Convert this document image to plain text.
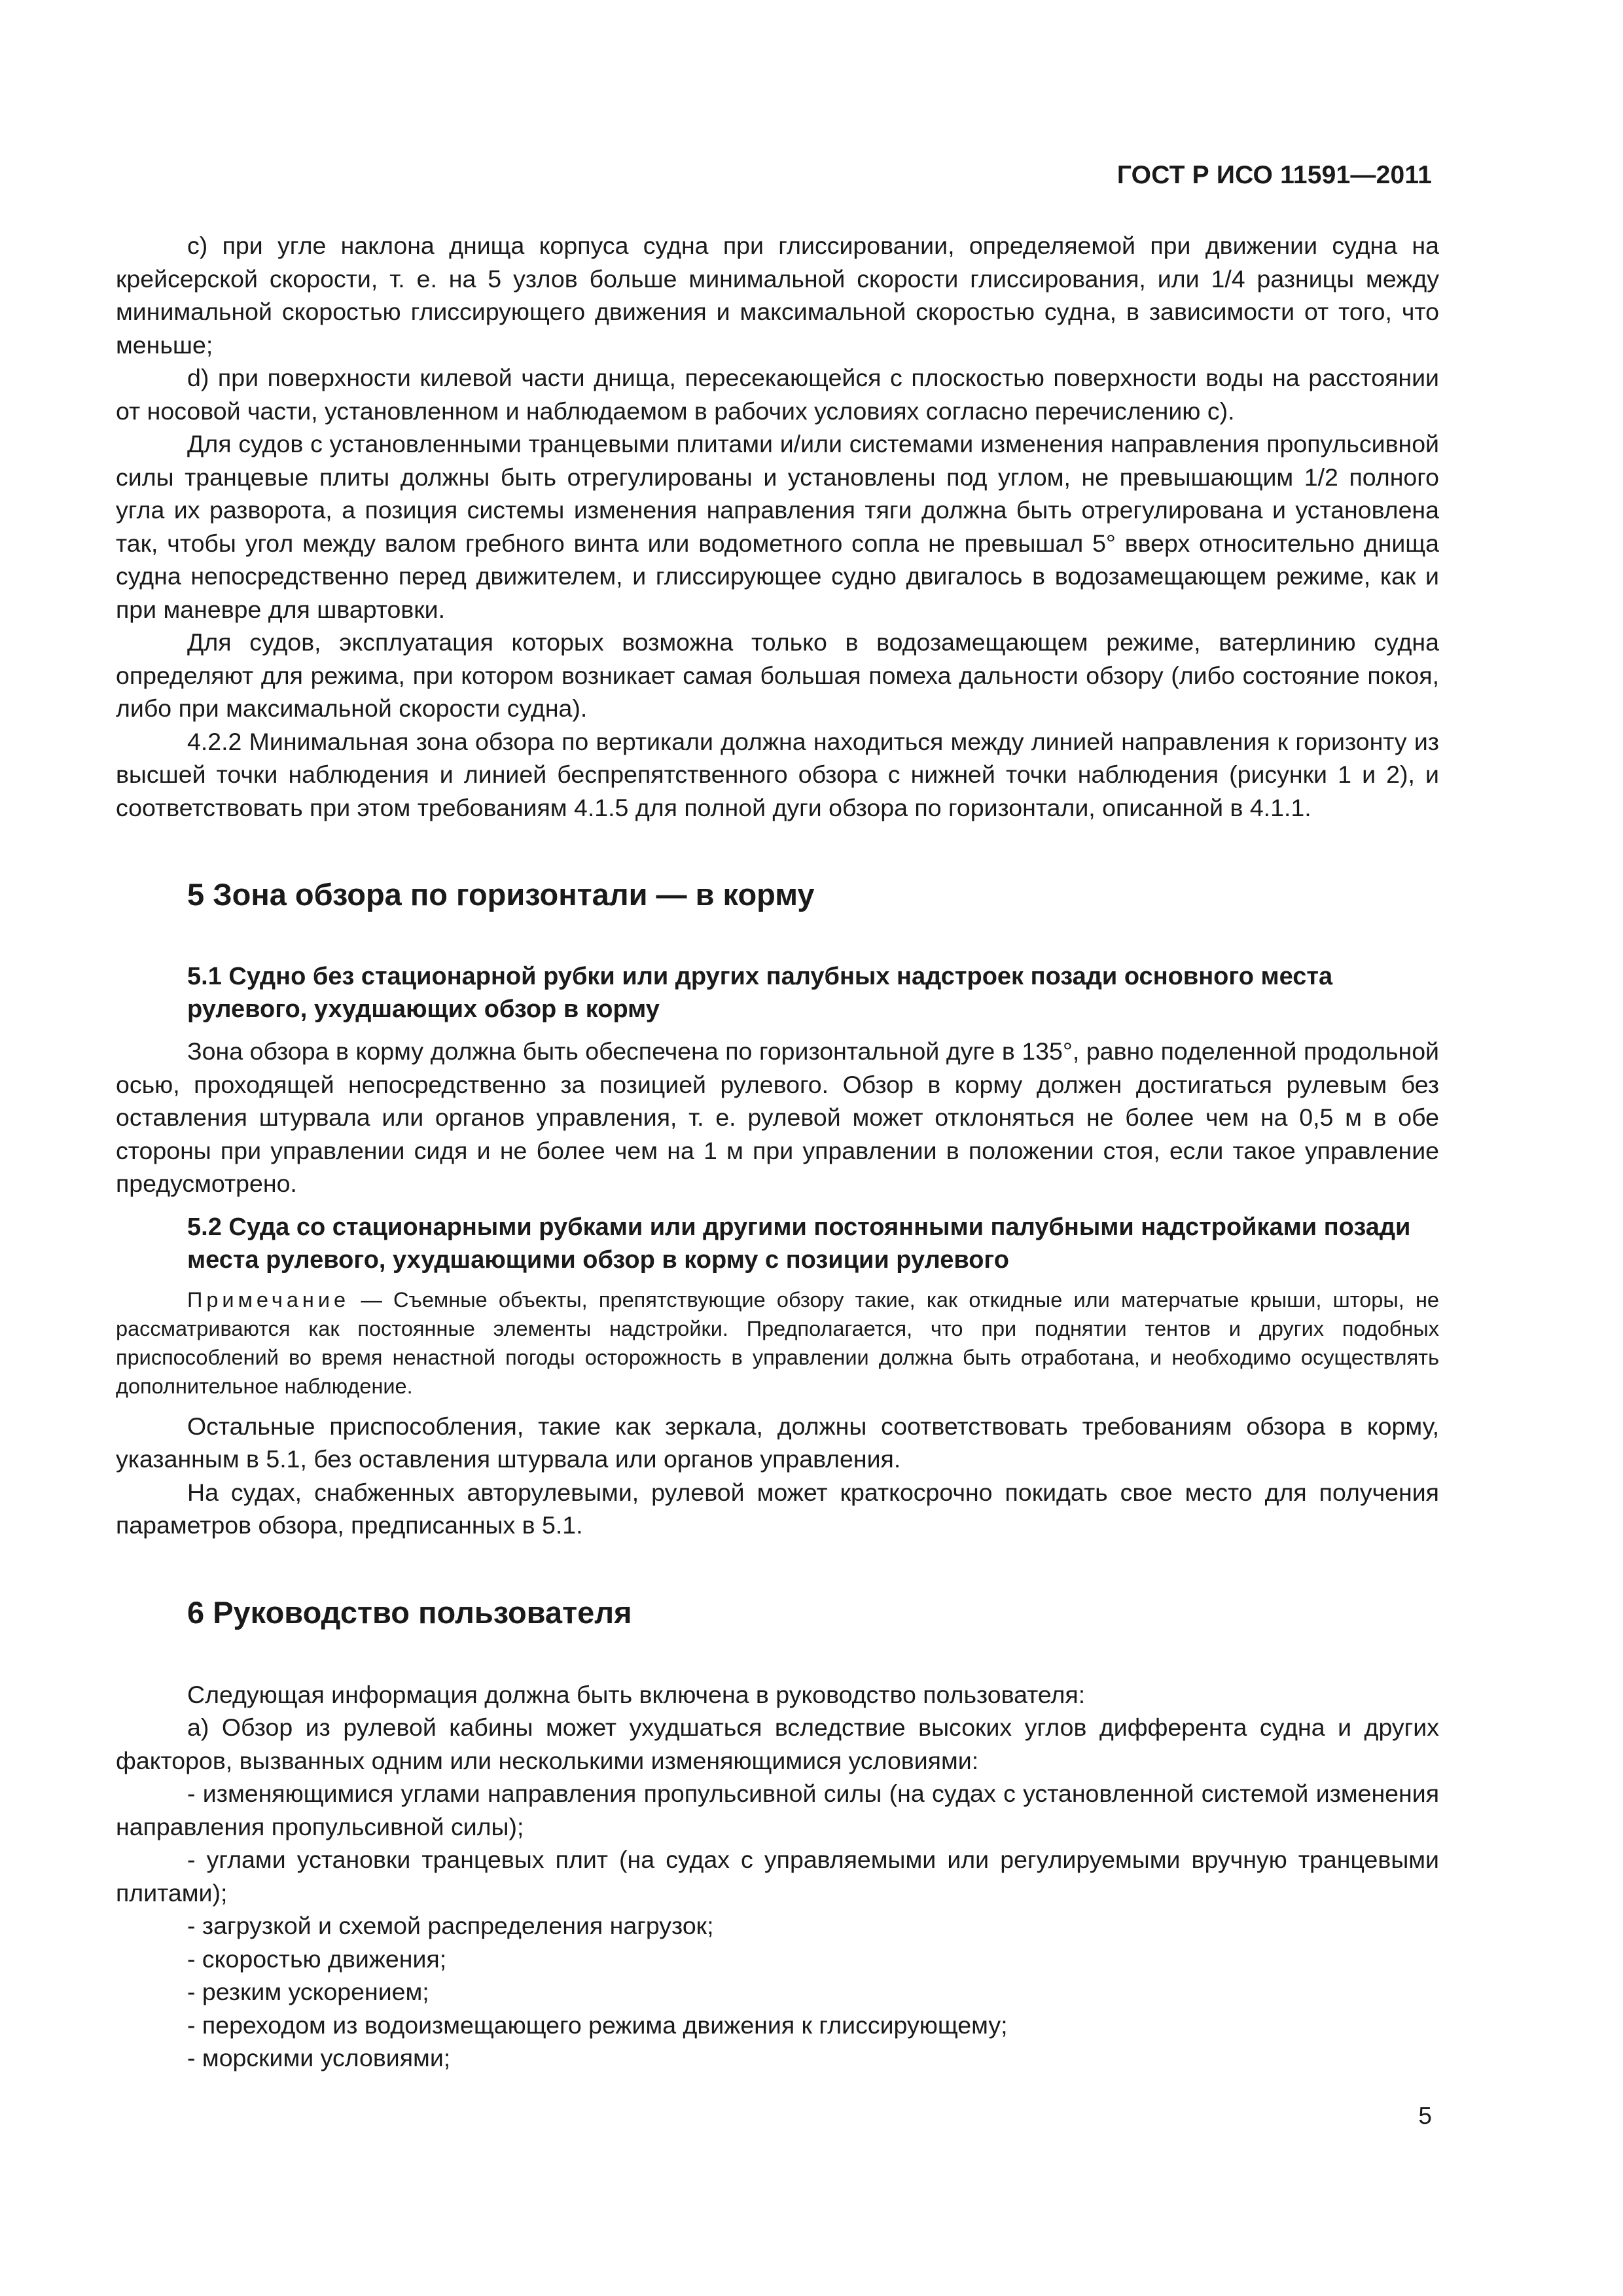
ГОСТ Р ИСО 11591—2011

с) при угле наклона днища корпуса судна при глиссировании, определяемой при движении судна на крейсерской скорости, т. е. на 5 узлов больше минимальной скорости глиссирования, или 1/4 разницы между минимальной скоростью глиссирующего движения и максимальной скоростью судна, в зависимости от того, что меньше;

d) при поверхности килевой части днища, пересекающейся с плоскостью поверхности воды на расстоянии от носовой части, установленном и наблюдаемом в рабочих условиях согласно перечислению с).

Для судов с установленными транцевыми плитами и/или системами изменения направления пропульсивной силы транцевые плиты должны быть отрегулированы и установлены под углом, не превышающим 1/2 полного угла их разворота, а позиция системы изменения направления тяги должна быть отрегулирована и установлена так, чтобы угол между валом гребного винта или водометного сопла не превышал 5° вверх относительно днища судна непосредственно перед движителем, и глиссирующее судно двигалось в водозамещающем режиме, как и при маневре для швартовки.

Для судов, эксплуатация которых возможна только в водозамещающем режиме, ватерлинию судна определяют для режима, при котором возникает самая большая помеха дальности обзору (либо состояние покоя, либо при максимальной скорости судна).

4.2.2 Минимальная зона обзора по вертикали должна находиться между линией направления к горизонту из высшей точки наблюдения и линией беспрепятственного обзора с нижней точки наблюдения (рисунки 1 и 2), и соответствовать при этом требованиям 4.1.5 для полной дуги обзора по горизонтали, описанной в 4.1.1.

5 Зона обзора по горизонтали — в корму
5.1 Судно без стационарной рубки или других палубных надстроек позади основного места рулевого, ухудшающих обзор в корму

Зона обзора в корму должна быть обеспечена по горизонтальной дуге в 135°, равно поделенной продольной осью, проходящей непосредственно за позицией рулевого. Обзор в корму должен достигаться рулевым без оставления штурвала или органов управления, т. е. рулевой может отклоняться не более чем на 0,5 м в обе стороны при управлении сидя и не более чем на 1 м при управлении в положении стоя, если такое управление предусмотрено.

5.2 Суда со стационарными рубками или другими постоянными палубными надстройками позади места рулевого, ухудшающими обзор в корму с позиции рулевого

Примечание — Съемные объекты, препятствующие обзору такие, как откидные или матерчатые крыши, шторы, не рассматриваются как постоянные элементы надстройки. Предполагается, что при поднятии тентов и других подобных приспособлений во время ненастной погоды осторожность в управлении должна быть отработана, и необходимо осуществлять дополнительное наблюдение.

Остальные приспособления, такие как зеркала, должны соответствовать требованиям обзора в корму, указанным в 5.1, без оставления штурвала или органов управления.

На судах, снабженных авторулевыми, рулевой может краткосрочно покидать свое место для получения параметров обзора, предписанных в 5.1.

6 Руководство пользователя

Следующая информация должна быть включена в руководство пользователя:

а) Обзор из рулевой кабины может ухудшаться вследствие высоких углов дифферента судна и других факторов, вызванных одним или несколькими изменяющимися условиями:

- изменяющимися углами направления пропульсивной силы (на судах с установленной системой изменения направления пропульсивной силы);

- углами установки транцевых плит (на судах с управляемыми или регулируемыми вручную транцевыми плитами);

- загрузкой и схемой распределения нагрузок;

- скоростью движения;

- резким ускорением;

- переходом из водоизмещающего режима движения к глиссирующему;

- морскими условиями;

5
